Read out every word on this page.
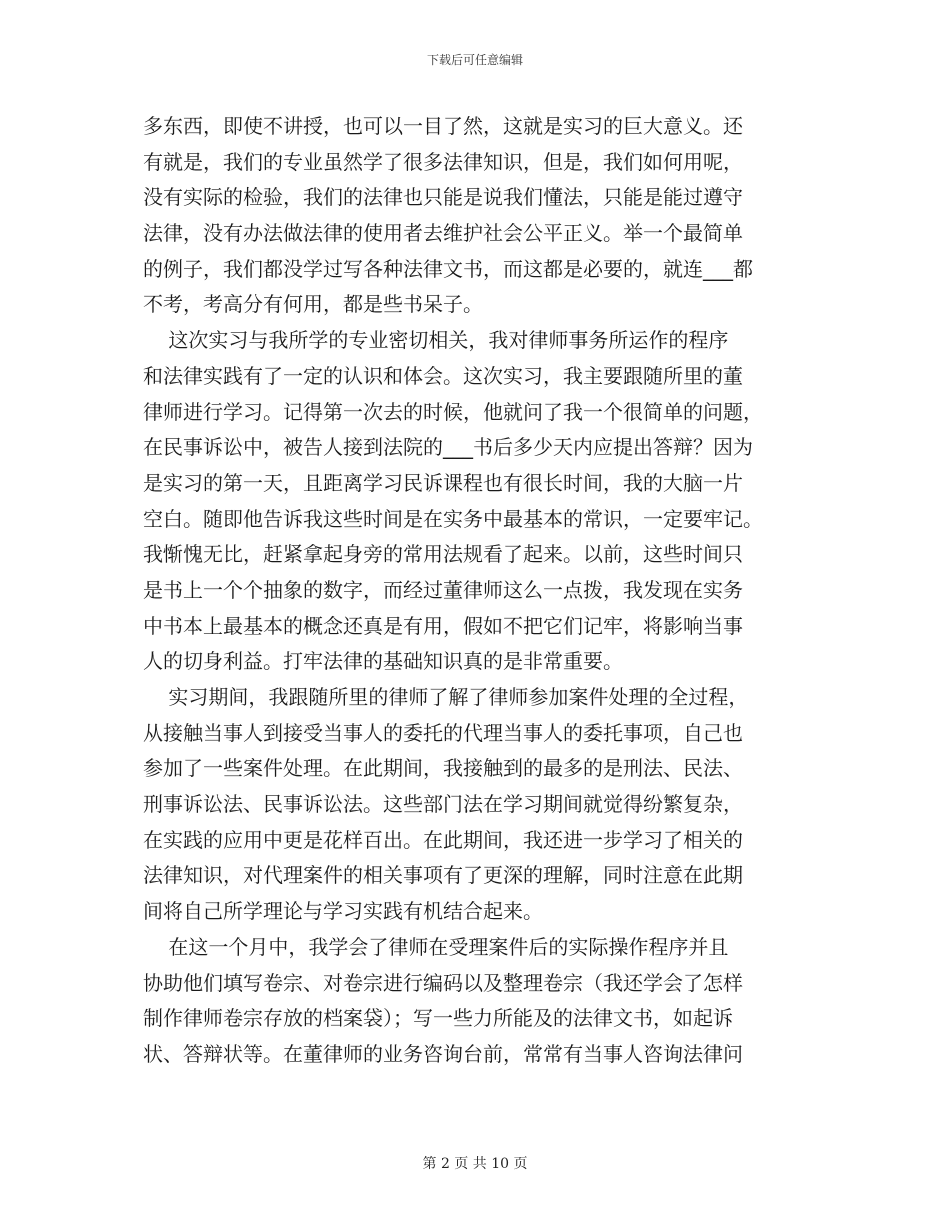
下载后可任意编辑
多东西，即使不讲授，也可以一目了然，这就是实习的巨大意义。还
有就是，我们的专业虽然学了很多法律知识，但是，我们如何用呢，
没有实际的检验，我们的法律也只能是说我们懂法，只能是能过遵守
法律，没有办法做法律的使用者去维护社会公平正义。举一个最简单
的例子，我们都没学过写各种法律文书，而这都是必要的，就连___都
不考，考高分有何用，都是些书呆子。
这次实习与我所学的专业密切相关，我对律师事务所运作的程序
和法律实践有了一定的认识和体会。这次实习，我主要跟随所里的董
律师进行学习。记得第一次去的时候，他就问了我一个很简单的问题，
在民事诉讼中，被告人接到法院的___书后多少天内应提出答辩？因为
是实习的第一天，且距离学习民诉课程也有很长时间，我的大脑一片
空白。随即他告诉我这些时间是在实务中最基本的常识，一定要牢记。
我惭愧无比，赶紧拿起身旁的常用法规看了起来。以前，这些时间只
是书上一个个抽象的数字，而经过董律师这么一点拨，我发现在实务
中书本上最基本的概念还真是有用，假如不把它们记牢，将影响当事
人的切身利益。打牢法律的基础知识真的是非常重要。
实习期间，我跟随所里的律师了解了律师参加案件处理的全过程，
从接触当事人到接受当事人的委托的代理当事人的委托事项，自己也
参加了一些案件处理。在此期间，我接触到的最多的是刑法、民法、
刑事诉讼法、民事诉讼法。这些部门法在学习期间就觉得纷繁复杂，
在实践的应用中更是花样百出。在此期间，我还进一步学习了相关的
法律知识，对代理案件的相关事项有了更深的理解，同时注意在此期
间将自己所学理论与学习实践有机结合起来。
在这一个月中，我学会了律师在受理案件后的实际操作程序并且
协助他们填写卷宗、对卷宗进行编码以及整理卷宗（我还学会了怎样
制作律师卷宗存放的档案袋）；写一些力所能及的法律文书，如起诉
状、答辩状等。在董律师的业务咨询台前，常常有当事人咨询法律问
第 2 页 共 10 页
